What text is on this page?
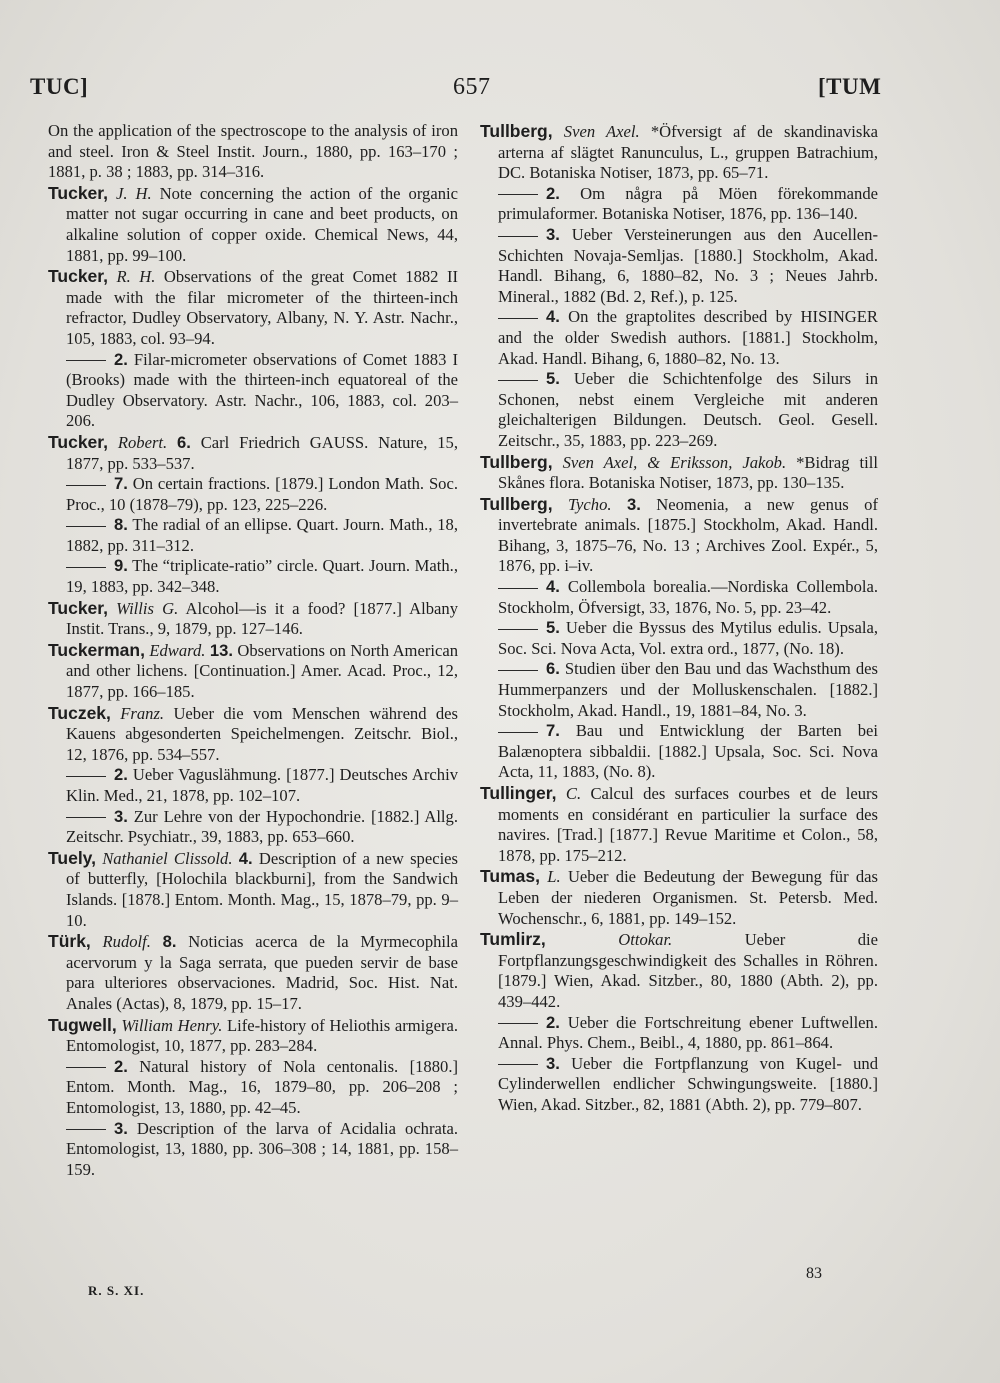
TUC]	657	[TUM

On the application of the spectroscope to the analysis of iron and steel. Iron & Steel Instit. Journ., 1880, pp. 163–170 ; 1881, p. 38 ; 1883, pp. 314–316.

Tucker, J. H. Note concerning the action of the organic matter not sugar occurring in cane and beet products, on alkaline solution of copper oxide. Chemical News, 44, 1881, pp. 99–100.

Tucker, R. H. Observations of the great Comet 1882 II made with the filar micrometer of the thirteen-inch refractor, Dudley Observatory, Albany, N. Y. Astr. Nachr., 105, 1883, col. 93–94.

2. Filar-micrometer observations of Comet 1883 I (Brooks) made with the thirteen-inch equatoreal of the Dudley Observatory. Astr. Nachr., 106, 1883, col. 203–206.

Tucker, Robert. 6. Carl Friedrich GAUSS. Nature, 15, 1877, pp. 533–537.

7. On certain fractions. [1879.] London Math. Soc. Proc., 10 (1878–79), pp. 123, 225–226.

8. The radial of an ellipse. Quart. Journ. Math., 18, 1882, pp. 311–312.

9. The “triplicate-ratio” circle. Quart. Journ. Math., 19, 1883, pp. 342–348.

Tucker, Willis G. Alcohol—is it a food? [1877.] Albany Instit. Trans., 9, 1879, pp. 127–146.

Tuckerman, Edward. 13. Observations on North American and other lichens. [Continuation.] Amer. Acad. Proc., 12, 1877, pp. 166–185.

Tuczek, Franz. Ueber die vom Menschen während des Kauens abgesonderten Speichelmengen. Zeitschr. Biol., 12, 1876, pp. 534–557.

2. Ueber Vaguslähmung. [1877.] Deutsches Archiv Klin. Med., 21, 1878, pp. 102–107.

3. Zur Lehre von der Hypochondrie. [1882.] Allg. Zeitschr. Psychiatr., 39, 1883, pp. 653–660.

Tuely, Nathaniel Clissold. 4. Description of a new species of butterfly, [Holochila blackburni], from the Sandwich Islands. [1878.] Entom. Month. Mag., 15, 1878–79, pp. 9–10.

Türk, Rudolf. 8. Noticias acerca de la Myrmecophila acervorum y la Saga serrata, que pueden servir de base para ulteriores observaciones. Madrid, Soc. Hist. Nat. Anales (Actas), 8, 1879, pp. 15–17.

Tugwell, William Henry. Life-history of Heliothis armigera. Entomologist, 10, 1877, pp. 283–284.

2. Natural history of Nola centonalis. [1880.] Entom. Month. Mag., 16, 1879–80, pp. 206–208 ; Entomologist, 13, 1880, pp. 42–45.

3. Description of the larva of Acidalia ochrata. Entomologist, 13, 1880, pp. 306–308 ; 14, 1881, pp. 158–159.

Tullberg, Sven Axel. *Öfversigt af de skandinaviska arterna af slägtet Ranunculus, L., gruppen Batrachium, DC. Botaniska Notiser, 1873, pp. 65–71.

2. Om några på Möen förekommande primulaformer. Botaniska Notiser, 1876, pp. 136–140.

3. Ueber Versteinerungen aus den Aucellen-Schichten Novaja-Semljas. [1880.] Stockholm, Akad. Handl. Bihang, 6, 1880–82, No. 3 ; Neues Jahrb. Mineral., 1882 (Bd. 2, Ref.), p. 125.

4. On the graptolites described by HISINGER and the older Swedish authors. [1881.] Stockholm, Akad. Handl. Bihang, 6, 1880–82, No. 13.

5. Ueber die Schichtenfolge des Silurs in Schonen, nebst einem Vergleiche mit anderen gleichalterigen Bildungen. Deutsch. Geol. Gesell. Zeitschr., 35, 1883, pp. 223–269.

Tullberg, Sven Axel, & Eriksson, Jakob. *Bidrag till Skånes flora. Botaniska Notiser, 1873, pp. 130–135.

Tullberg, Tycho. 3. Neomenia, a new genus of invertebrate animals. [1875.] Stockholm, Akad. Handl. Bihang, 3, 1875–76, No. 13 ; Archives Zool. Expér., 5, 1876, pp. i–iv.

4. Collembola borealia.—Nordiska Collembola. Stockholm, Öfversigt, 33, 1876, No. 5, pp. 23–42.

5. Ueber die Byssus des Mytilus edulis. Upsala, Soc. Sci. Nova Acta, Vol. extra ord., 1877, (No. 18).

6. Studien über den Bau und das Wachsthum des Hummerpanzers und der Molluskenschalen. [1882.] Stockholm, Akad. Handl., 19, 1881–84, No. 3.

7. Bau und Entwicklung der Barten bei Balænoptera sibbaldii. [1882.] Upsala, Soc. Sci. Nova Acta, 11, 1883, (No. 8).

Tullinger, C. Calcul des surfaces courbes et de leurs moments en considérant en particulier la surface des navires. [Trad.] [1877.] Revue Maritime et Colon., 58, 1878, pp. 175–212.

Tumas, L. Ueber die Bedeutung der Bewegung für das Leben der niederen Organismen. St. Petersb. Med. Wochenschr., 6, 1881, pp. 149–152.

Tumlirz,	Ottokar.	Ueber die Fortpflanzungsgeschwindigkeit des Schalles in Röhren. [1879.] Wien, Akad. Sitzber., 80, 1880 (Abth. 2), pp. 439–442.

2. Ueber die Fortschreitung ebener Luftwellen. Annal. Phys. Chem., Beibl., 4, 1880, pp. 861–864.

3. Ueber die Fortpflanzung von Kugel- und Cylinderwellen endlicher Schwingungsweite. [1880.] Wien, Akad. Sitzber., 82, 1881 (Abth. 2), pp. 779–807.

R. S. XI.
83
